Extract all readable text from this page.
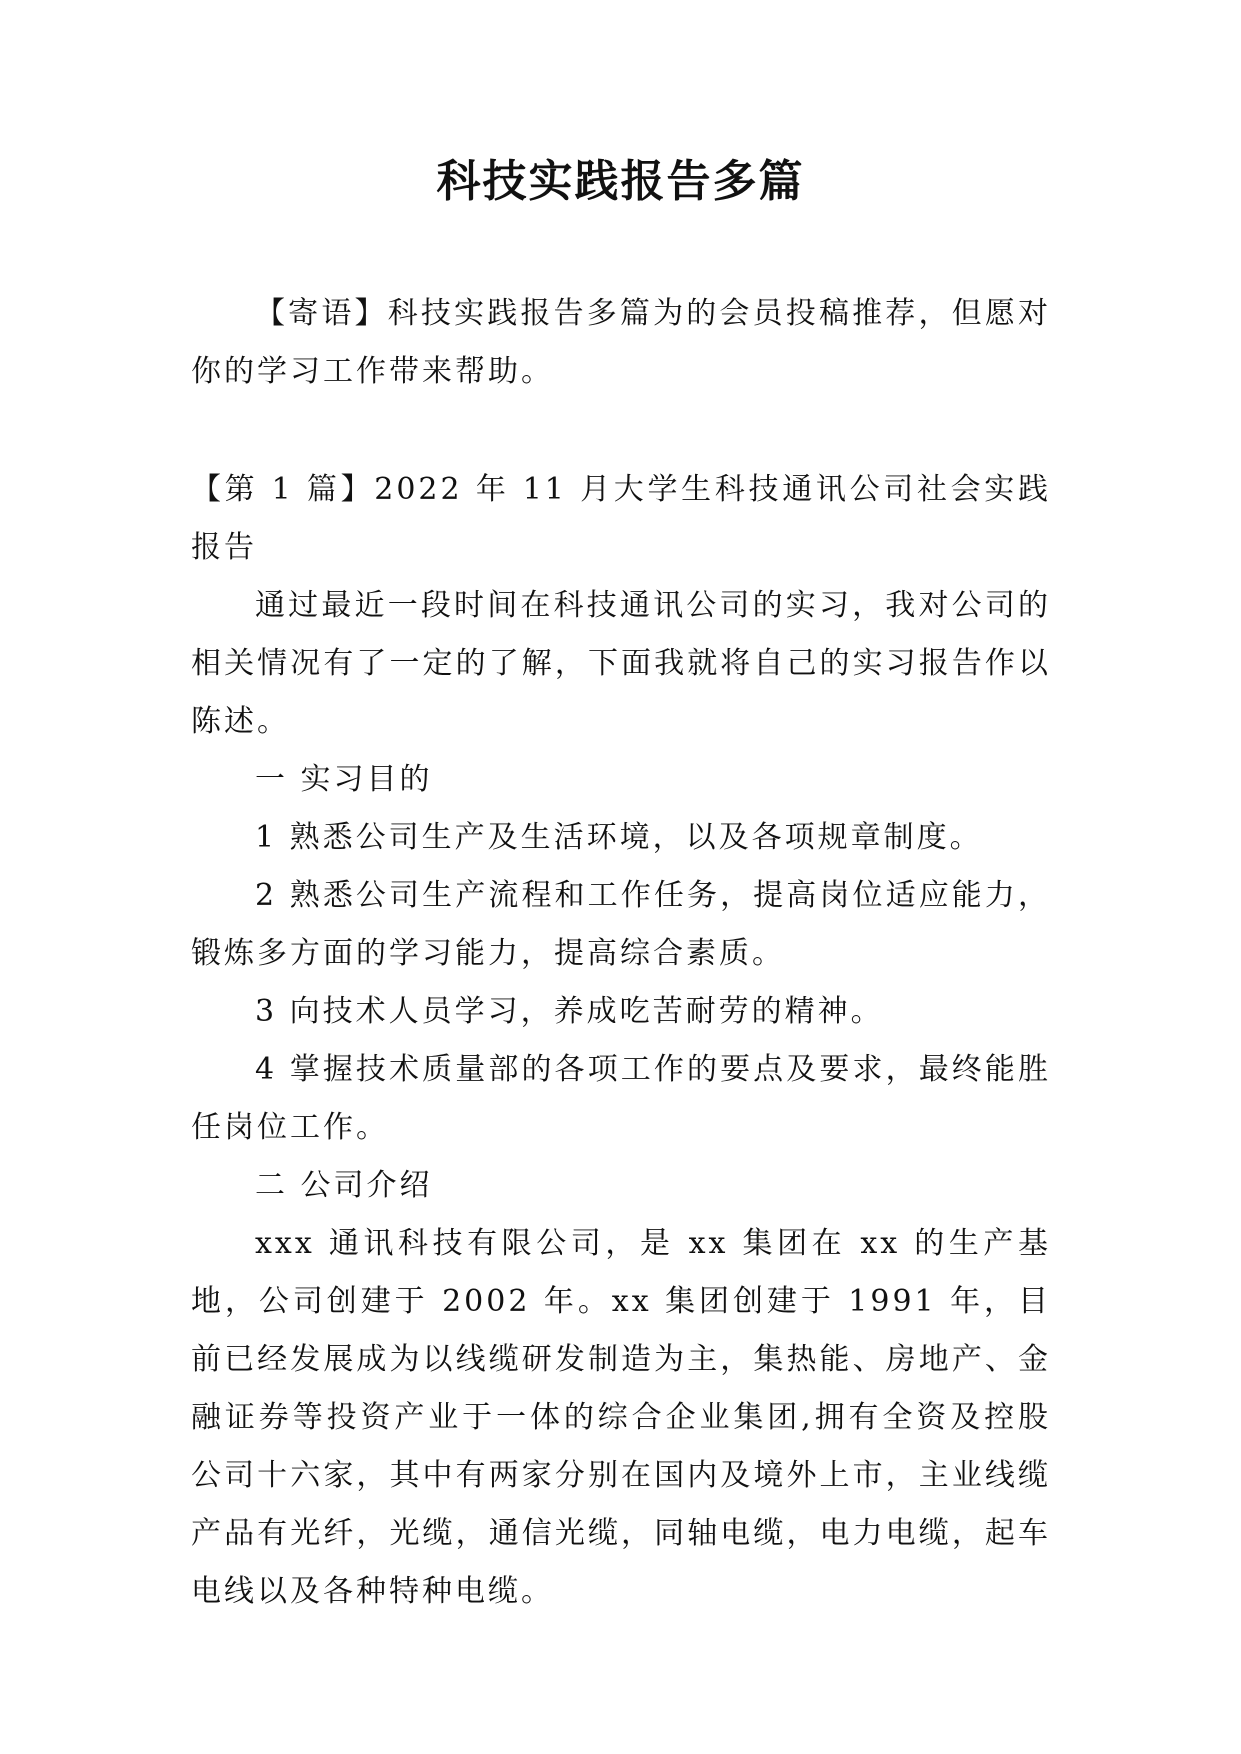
科技实践报告多篇

【寄语】科技实践报告多篇为的会员投稿推荐，但愿对你的学习工作带来帮助。

【第 1 篇】2022 年 11 月大学生科技通讯公司社会实践报告

通过最近一段时间在科技通讯公司的实习，我对公司的相关情况有了一定的了解，下面我就将自己的实习报告作以陈述。

一 实习目的

1 熟悉公司生产及生活环境，以及各项规章制度。

2 熟悉公司生产流程和工作任务，提高岗位适应能力，锻炼多方面的学习能力，提高综合素质。

3 向技术人员学习，养成吃苦耐劳的精神。

4 掌握技术质量部的各项工作的要点及要求，最终能胜任岗位工作。

二 公司介绍

xxx 通讯科技有限公司，是 xx 集团在 xx 的生产基地，公司创建于 2002 年。xx 集团创建于 1991 年，目前已经发展成为以线缆研发制造为主，集热能、房地产、金融证券等投资产业于一体的综合企业集团,拥有全资及控股公司十六家，其中有两家分别在国内及境外上市，主业线缆产品有光纤，光缆，通信光缆，同轴电缆，电力电缆，起车电线以及各种特种电缆。
